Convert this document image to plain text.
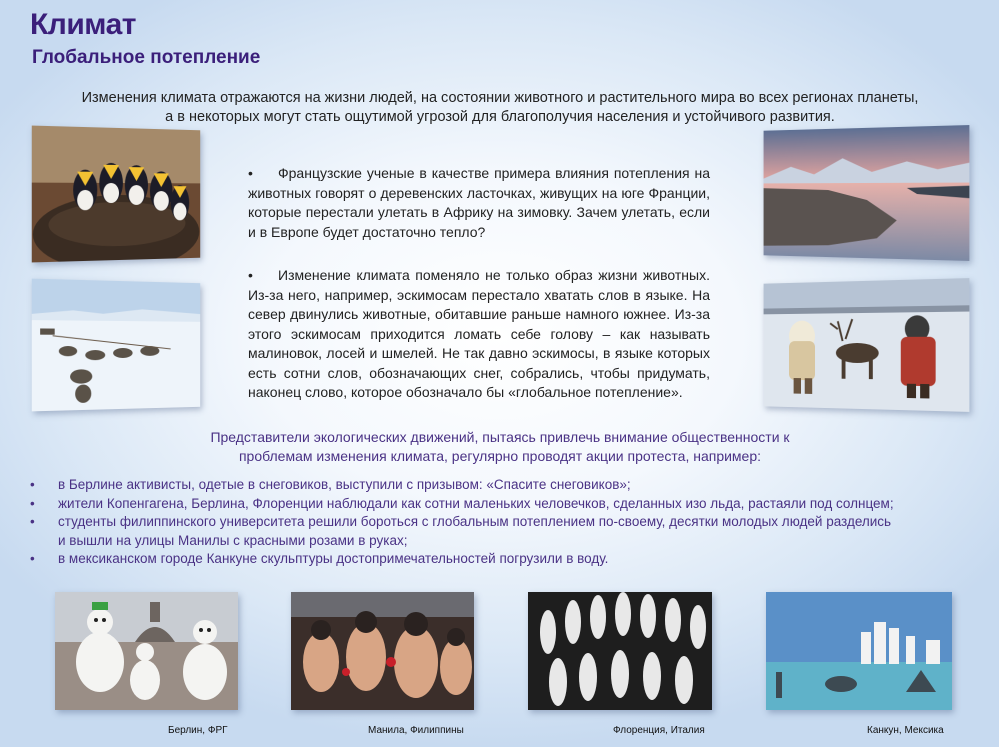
Климат
Глобальное потепление
Изменения климата отражаются на жизни людей, на состоянии животного и растительного мира во всех регионах планеты,
а в некоторых могут стать ощутимой угрозой для благополучия населения и устойчивого развития.
• Французские ученые в качестве примера влияния потепления на животных говорят о деревенских ласточках, живущих на юге Франции, которые перестали улетать в Африку на зимовку. Зачем улетать, если и в Европе будет достаточно тепло?
• Изменение климата поменяло не только образ жизни животных. Из-за него, например, эскимосам перестало хватать слов в языке. На север двинулись животные, обитавшие раньше намного южнее. Из-за этого эскимосам приходится ломать себе голову – как называть малиновок, лосей и шмелей. Не так давно эскимосы, в языке которых есть сотни слов, обозначающих снег, собрались, чтобы придумать, наконец слово, которое обозначало бы «глобальное потепление».
Представители экологических движений, пытаясь привлечь внимание общественности к
проблемам изменения климата, регулярно проводят акции протеста, например:
• в Берлине активисты, одетые в снеговиков, выступили с призывом: «Спасите снеговиков»;
• жители Копенгагена, Берлина, Флоренции наблюдали как сотни маленьких человечков, сделанных изо льда, растаяли под солнцем;
• студенты филиппинского университета решили бороться с глобальным потеплением по-своему, десятки молодых людей разделись
и вышли на улицы Манилы с красными розами в руках;
• в мексиканском городе Канкуне скульптуры достопримечательностей погрузили в воду.
Берлин, ФРГ	Манила, Филиппины	Флоренция, Италия	Канкун, Мексика
